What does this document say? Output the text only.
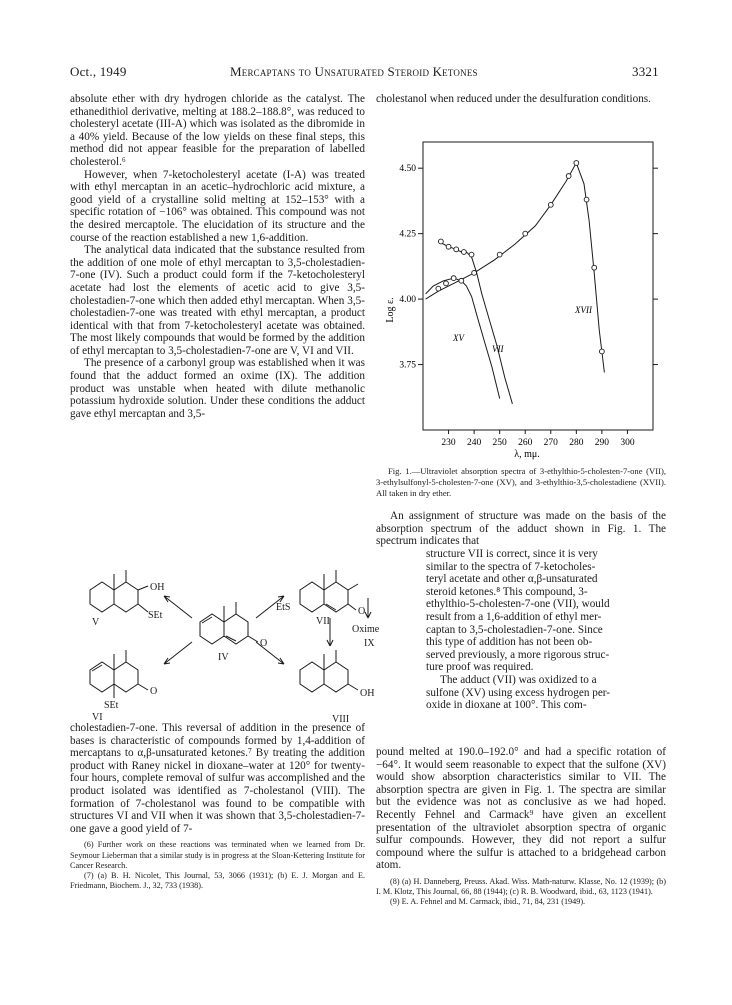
Oct., 1949	Mercaptans to Unsaturated Steroid Ketones	3321

absolute ether with dry hydrogen chloride as the catalyst. The ethanedithiol derivative, melting at 188.2–188.8°, was reduced to cholesteryl acetate (III-A) which was isolated as the dibromide in a 40% yield. Because of the low yields on these final steps, this method did not appear feasible for the preparation of labelled cholesterol.⁶

However, when 7-ketocholesteryl acetate (I-A) was treated with ethyl mercaptan in an acetic–hydrochloric acid mixture, a good yield of a crystalline solid melting at 152–153° with a specific rotation of −106° was obtained. This compound was not the desired mercaptole. The elucidation of its structure and the course of the reaction established a new 1,6-addition.

The analytical data indicated that the substance resulted from the addition of one mole of ethyl mercaptan to 3,5-cholestadien-7-one (IV). Such a product could form if the 7-ketocholesteryl acetate had lost the elements of acetic acid to give 3,5-cholestadien-7-one which then added ethyl mercaptan. When 3,5-cholestadien-7-one was treated with ethyl mercaptan, a product identical with that from 7-ketocholesteryl acetate was obtained. The most likely compounds that would be formed by the addition of ethyl mercaptan to 3,5-cholestadien-7-one are V, VI and VII.

The presence of a carbonyl group was established when it was found that the adduct formed an oxime (IX). The addition product was unstable when heated with dilute methanolic potassium hydroxide solution. Under these conditions the adduct gave ethyl mercaptan and 3,5-

cholestanol when reduced under the desulfuration conditions.

3.75
4.00
4.25
4.50
230 240 250 260 270 280 290 300
λ, mμ.
Log ε.
XV
VII
XVII
Fig. 1.—Ultraviolet absorption spectra of 3-ethylthio-5-cholesten-7-one (VII), 3-ethylsulfonyl-5-cholesten-7-one (XV), and 3-ethylthio-3,5-cholestadiene (XVII). All taken in dry ether.

An assignment of structure was made on the basis of the absorption spectrum of the adduct shown in Fig. 1. The spectrum indicates that

structure VII is correct, since it is very
similar to the spectra of 7-ketocholes-
teryl acetate and other α,β-unsaturated
steroid ketones.⁸ This compound, 3-
ethylthio-5-cholesten-7-one (VII), would
result from a 1,6-addition of ethyl mer-
captan to 3,5-cholestadien-7-one. Since
this type of addition has not been ob-
served previously, a more rigorous struc-
ture proof was required.
The adduct (VII) was oxidized to a
sulfone (XV) using excess hydrogen per-
oxide in dioxane at 100°. This com-
OH
SEt
V
EtS	O
VII
Oxime
IX
O
IV
SEt
O
VI
OH
VIII

cholestadien-7-one. This reversal of addition in the presence of bases is characteristic of compounds formed by 1,4-addition of mercaptans to α,β-unsaturated ketones.⁷ By treating the addition product with Raney nickel in dioxane–water at 120° for twenty-four hours, complete removal of sulfur was accomplished and the product isolated was identified as 7-cholestanol (VIII). The formation of 7-cholestanol was found to be compatible with structures VI and VII when it was shown that 3,5-cholestadien-7-one gave a good yield of 7-

(6) Further work on these reactions was terminated when we learned from Dr. Seymour Lieberman that a similar study is in progress at the Sloan-Kettering Institute for Cancer Research.

(7) (a) B. H. Nicolet, This Journal, 53, 3066 (1931); (b) E. J. Morgan and E. Friedmann, Biochem. J., 32, 733 (1938).

pound melted at 190.0–192.0° and had a specific rotation of −64°. It would seem reasonable to expect that the sulfone (XV) would show absorption characteristics similar to VII. The absorption spectra are given in Fig. 1. The spectra are similar but the evidence was not as conclusive as we had hoped. Recently Fehnel and Carmack⁹ have given an excellent presentation of the ultraviolet absorption spectra of organic sulfur compounds. However, they did not report a sulfur compound where the sulfur is attached to a bridgehead carbon atom.

(8) (a) H. Danneberg, Preuss. Akad. Wiss. Math-naturw. Klasse, No. 12 (1939); (b) I. M. Klotz, This Journal, 66, 88 (1944); (c) R. B. Woodward, ibid., 63, 1123 (1941).

(9) E. A. Fehnel and M. Carmack, ibid., 71, 84, 231 (1949).
